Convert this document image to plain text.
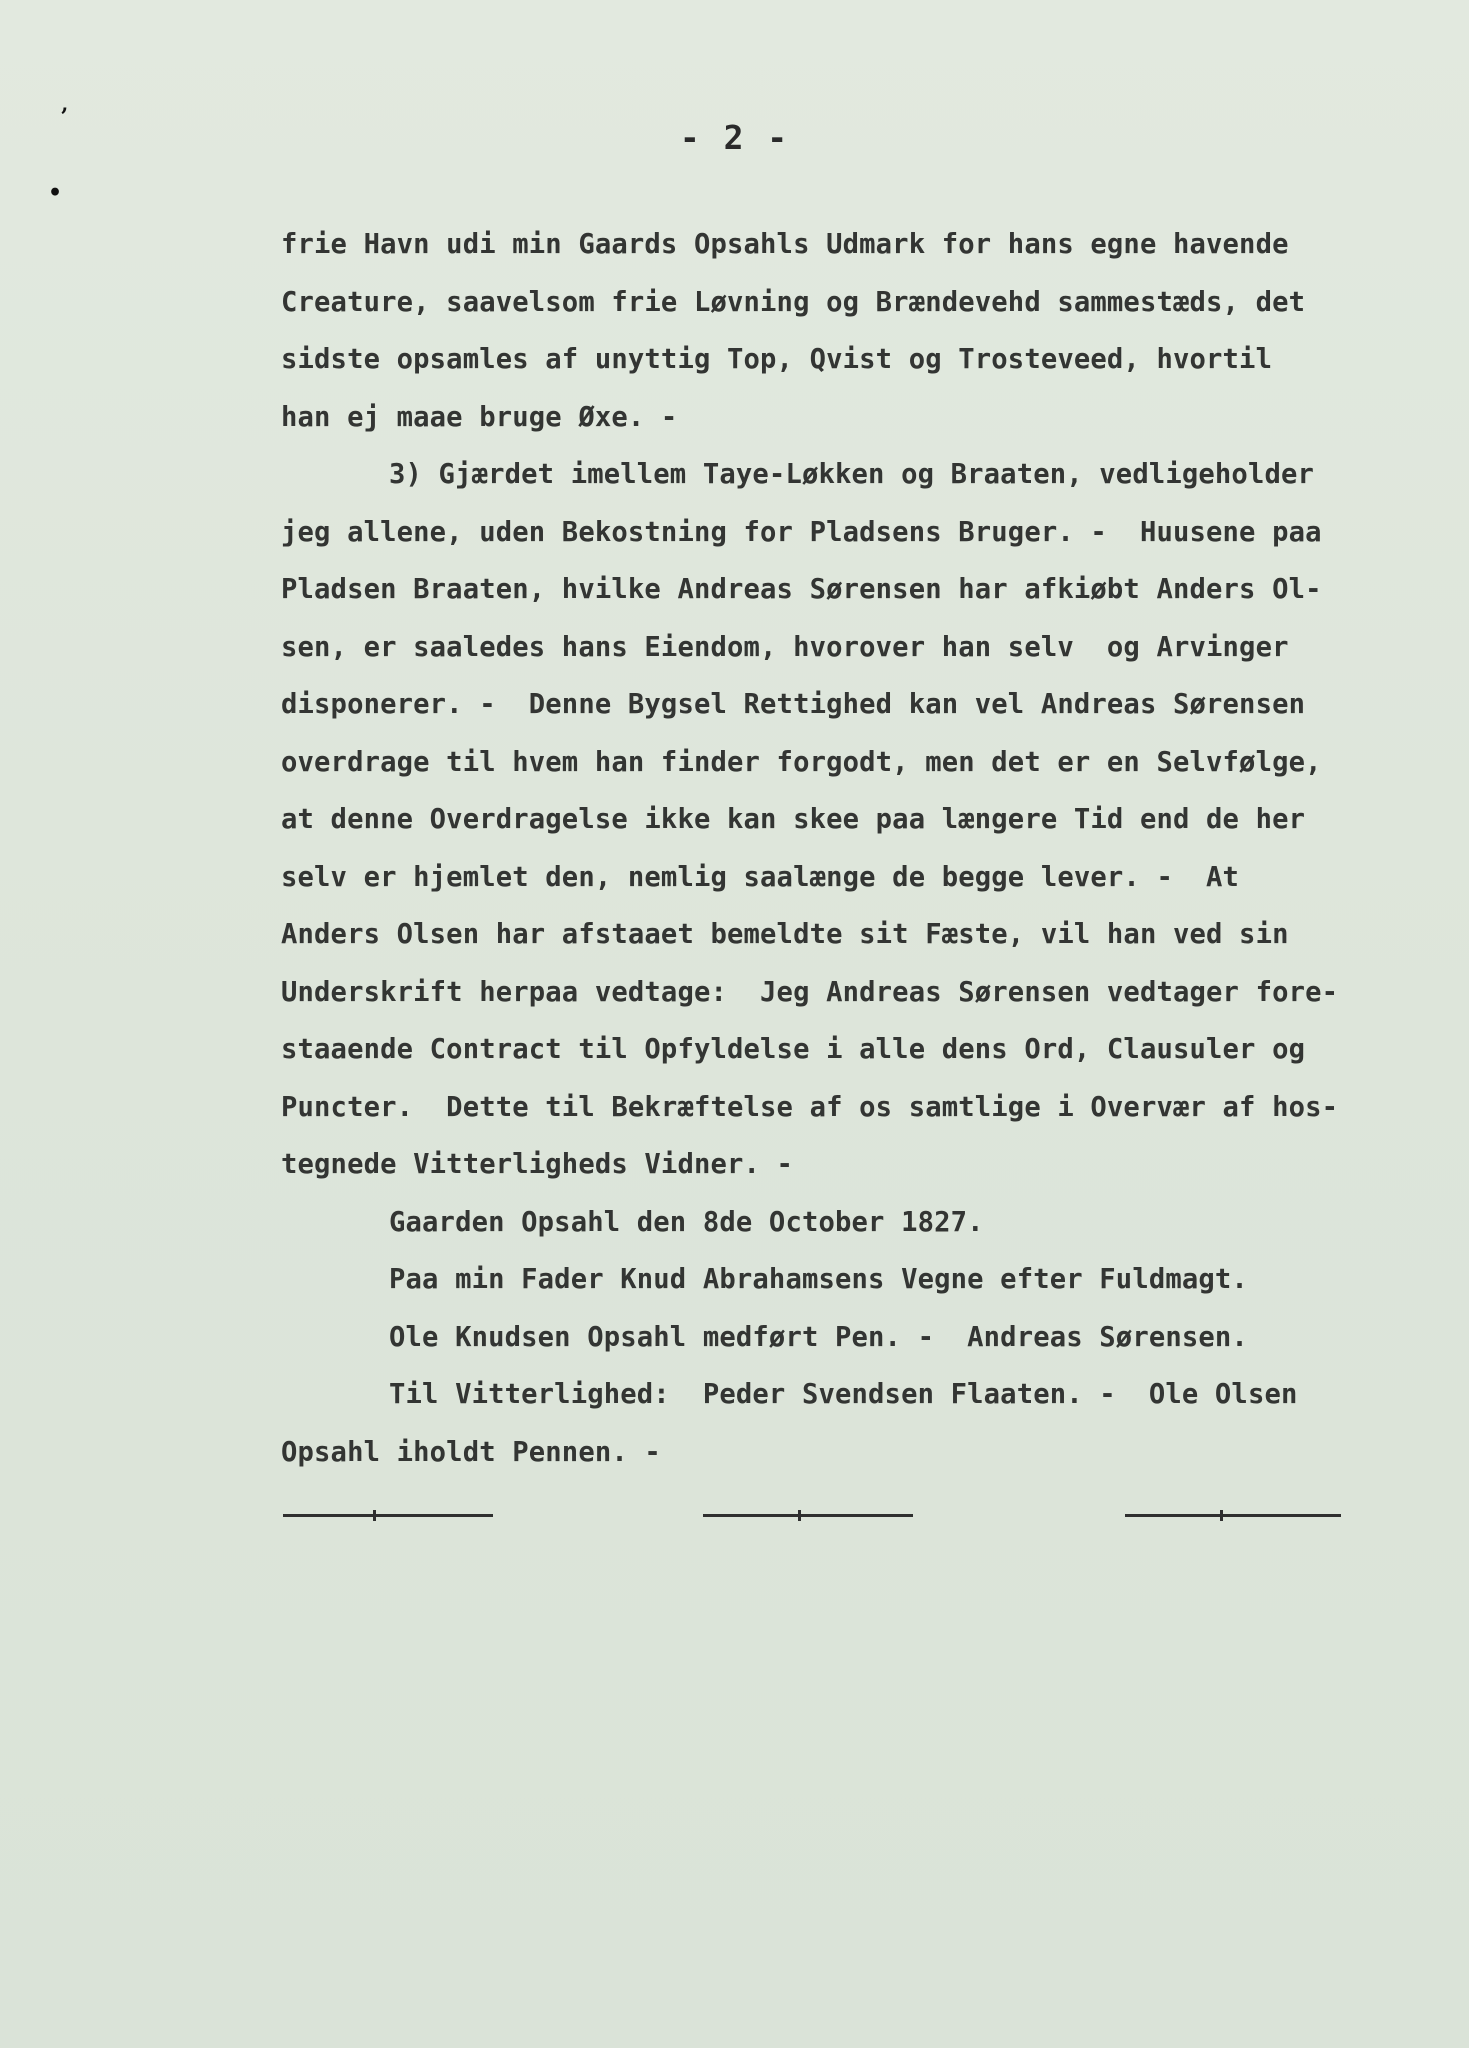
ʼ
•
- 2 -
frie Havn udi min Gaards Opsahls Udmark for hans egne havende
Creature, saavelsom frie Løvning og Brændevehd sammestæds, det
sidste opsamles af unyttig Top, Qvist og Trosteveed, hvortil
han ej maae bruge Øxe. -
3) Gjærdet imellem Taye-Løkken og Braaten, vedligeholder
jeg allene, uden Bekostning for Pladsens Bruger. -  Huusene paa
Pladsen Braaten, hvilke Andreas Sørensen har afkiøbt Anders Ol-
sen, er saaledes hans Eiendom, hvorover han selv  og Arvinger
disponerer. -  Denne Bygsel Rettighed kan vel Andreas Sørensen
overdrage til hvem han finder forgodt, men det er en Selvfølge,
at denne Overdragelse ikke kan skee paa længere Tid end de her
selv er hjemlet den, nemlig saalænge de begge lever. -  At
Anders Olsen har afstaaet bemeldte sit Fæste, vil han ved sin
Underskrift herpaa vedtage:  Jeg Andreas Sørensen vedtager fore-
staaende Contract til Opfyldelse i alle dens Ord, Clausuler og
Puncter.  Dette til Bekræftelse af os samtlige i Overvær af hos-
tegnede Vitterligheds Vidner. -
Gaarden Opsahl den 8de October 1827.
Paa min Fader Knud Abrahamsens Vegne efter Fuldmagt.
Ole Knudsen Opsahl medført Pen. -  Andreas Sørensen.
Til Vitterlighed:  Peder Svendsen Flaaten. -  Ole Olsen
Opsahl iholdt Pennen. -
